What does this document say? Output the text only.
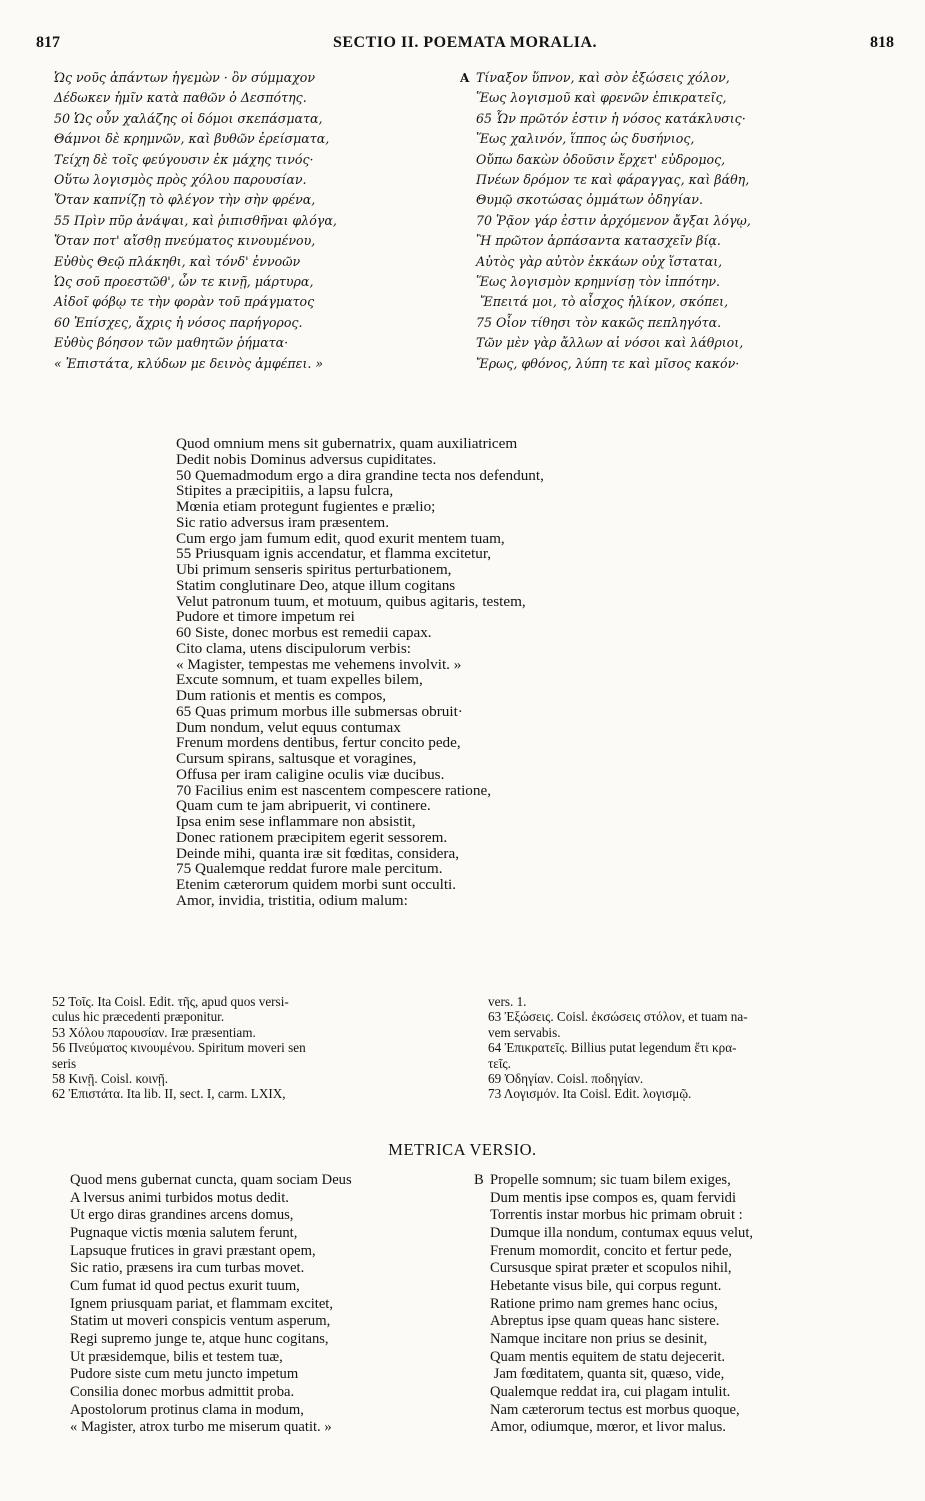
817	SECTIO II. POEMATA MORALIA.	818
Ὡς νοῦς ἁπάντων ἡγεμὼν · ὃν σύμμαχον
Δέδωκεν ἡμῖν κατὰ παθῶν ὁ Δεσπότης.
50 Ὡς οὖν χαλάζης οἱ δόμοι σκεπάσματα,
Θάμνοι δὲ κρημνῶν, καὶ βυθῶν ἐρείσματα,
Τείχη δὲ τοῖς φεύγουσιν ἐκ μάχης τινός·
Οὕτω λογισμὸς πρὸς χόλου παρουσίαν.
Ὅταν καπνίζῃ τὸ φλέγον τὴν σὴν φρένα,
55 Πρὶν πῦρ ἀνάψαι, καὶ ῥιπισθῆναι φλόγα,
Ὅταν ποτ' αἴσθῃ πνεύματος κινουμένου,
Εὐθὺς Θεῷ πλάκηθι, καὶ τόνδ' ἐννοῶν
Ὡς σοῦ προεστῶθ', ὧν τε κινῇ, μάρτυρα,
Αἰδοῖ φόβῳ τε τὴν φορὰν τοῦ πράγματος
60 Ἐπίσχες, ἄχρις ἡ νόσος παρήγορος.
Εὐθὺς βόησον τῶν μαθητῶν ῥήματα·
« Ἐπιστάτα, κλύδων με δεινὸς ἀμφέπει. »
A Τίναξον ὕπνον, καὶ σὸν ἐξώσεις χόλον,
Ἕως λογισμοῦ καὶ φρενῶν ἐπικρατεῖς,
65 Ὧν πρῶτόν ἐστιν ἡ νόσος κατάκλυσις·
Ἕως χαλινόν, ἵππος ὡς δυσήνιος,
Οὔπω δακὼν ὀδοῦσιν ἔρχετ' εὐδρομος,
Πνέων δρόμον τε καὶ φάραγγας, καὶ βάθη,
Θυμῷ σκοτώσας ὀμμάτων ὀδηγίαν.
70 Ῥᾷον γάρ ἐστιν ἀρχόμενον ἄγξαι λόγῳ,
Ἢ πρῶτον ἁρπάσαντα κατασχεῖν βίᾳ.
Αὐτὸς γὰρ αὐτὸν ἐκκάων οὐχ ἵσταται,
Ἕως λογισμὸν κρημνίσῃ τὸν ἱππότην.
Ἔπειτά μοι, τὸ αἶσχος ἡλίκον, σκόπει,
75 Οἷον τίθησι τὸν κακῶς πεπληγότα.
Τῶν μὲν γὰρ ἄλλων αἱ νόσοι καὶ λάθριοι,
Ἔρως, φθόνος, λύπη τε καὶ μῖσος κακόν·
Quod omnium mens sit gubernatrix, quam auxiliatricem
Dedit nobis Dominus adversus cupiditates.
50 Quemadmodum ergo a dira grandine tecta nos defendunt,
Stipites a præcipitiis, a lapsu fulcra,
Mœnia etiam protegunt fugientes e prælio;
Sic ratio adversus iram præsentem.
Cum ergo jam fumum edit, quod exurit mentem tuam,
55 Priusquam ignis accendatur, et flamma excitetur,
Ubi primum senseris spiritus perturbationem,
Statim conglutinare Deo, atque illum cogitans
Velut patronum tuum, et motuum, quibus agitaris, testem,
Pudore et timore impetum rei
60 Siste, donec morbus est remedii capax.
Cito clama, utens discipulorum verbis:
« Magister, tempestas me vehemens involvit. »
Excute somnum, et tuam expelles bilem,
Dum rationis et mentis es compos,
65 Quas primum morbus ille submersas obruit·
Dum nondum, velut equus contumax
Frenum mordens dentibus, fertur concito pede,
Cursum spirans, saltusque et voragines,
Offusa per iram caligine oculis viæ ducibus.
70 Facilius enim est nascentem compescere ratione,
Quam cum te jam abripuerit, vi continere.
Ipsa enim sese inflammare non absistit,
Donec rationem præcipitem egerit sessorem.
Deinde mihi, quanta iræ sit fœditas, considera,
75 Qualemque reddat furore male percitum.
Etenim cæterorum quidem morbi sunt occulti.
Amor, invidia, tristitia, odium malum:
52 Τοῖς. Ita Coisl. Edit. τῆς, apud quos versi-
culus hic præcedenti præponitur.
53 Χόλου παρουσίαν. Iræ præsentiam.
56 Πνεύματος κινουμένου. Spiritum moveri sen
seris
58 Κινῇ. Coisl. κοινῇ.
62 Ἐπιστάτα. Ita lib. II, sect. I, carm. LXIX,
vers. 1.
63 Ἐξώσεις. Coisl. ἐκσώσεις στόλον, et tuam na-
vem servabis.
64 Ἐπικρατεῖς. Billius putat legendum ἔτι κρα-
τεῖς.
69 Ὀδηγίαν. Coisl. ποδηγίαν.
73 Λογισμόν. Ita Coisl. Edit. λογισμῷ.
METRICA VERSIO.
Quod mens gubernat cuncta, quam sociam Deus
A lversus animi turbidos motus dedit.
Ut ergo diras grandines arcens domus,
Pugnaque victis mœnia salutem ferunt,
Lapsuque frutices in gravi præstant opem,
Sic ratio, præsens ira cum turbas movet.
Cum fumat id quod pectus exurit tuum,
Ignem priusquam pariat, et flammam excitet,
Statim ut moveri conspicis ventum asperum,
Regi supremo junge te, atque hunc cogitans,
Ut præsidemque, bilis et testem tuæ,
Pudore siste cum metu juncto impetum
Consilia donec morbus admittit proba.
Apostolorum protinus clama in modum,
« Magister, atrox turbo me miserum quatit. »
B Propelle somnum; sic tuam bilem exiges,
Dum mentis ipse compos es, quam fervidi
Torrentis instar morbus hic primam obruit :
Dumque illa nondum, contumax equus velut,
Frenum momordit, concito et fertur pede,
Cursusque spirat præter et scopulos nihil,
Hebetante visus bile, qui corpus regunt.
Ratione primo nam gremes hanc ocius,
Abreptus ipse quam queas hanc sistere.
Namque incitare non prius se desinit,
Quam mentis equitem de statu dejecerit.
Jam fœditatem, quanta sit, quæso, vide,
Qualemque reddat ira, cui plagam intulit.
Nam cæterorum tectus est morbus quoque,
Amor, odiumque, mœror, et livor malus.
